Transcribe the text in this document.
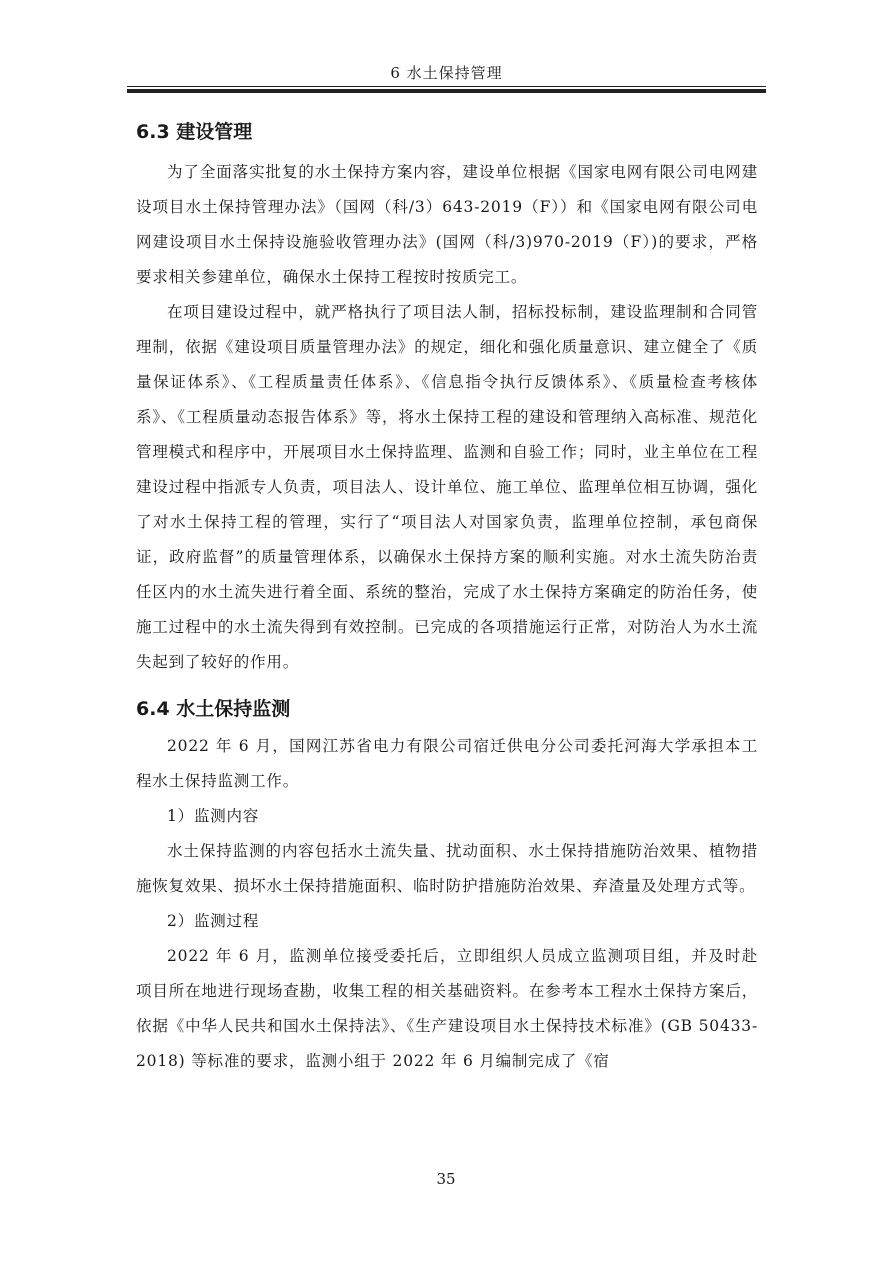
6 水土保持管理
6.3 建设管理

为了全面落实批复的水土保持方案内容，建设单位根据《国家电网有限公司电网建设项目水土保持管理办法》（国网（科/3）643-2019（F））和《国家电网有限公司电网建设项目水土保持设施验收管理办法》(国网（科/3)970-2019（F）)的要求，严格要求相关参建单位，确保水土保持工程按时按质完工。

在项目建设过程中，就严格执行了项目法人制，招标投标制，建设监理制和合同管理制，依据《建设项目质量管理办法》的规定，细化和强化质量意识、建立健全了《质量保证体系》、《工程质量责任体系》、《信息指令执行反馈体系》、《质量检查考核体系》、《工程质量动态报告体系》等，将水土保持工程的建设和管理纳入高标准、规范化管理模式和程序中，开展项目水土保持监理、监测和自验工作；同时，业主单位在工程建设过程中指派专人负责，项目法人、设计单位、施工单位、监理单位相互协调，强化了对水土保持工程的管理，实行了“项目法人对国家负责，监理单位控制，承包商保证，政府监督”的质量管理体系，以确保水土保持方案的顺利实施。对水土流失防治责任区内的水土流失进行着全面、系统的整治，完成了水土保持方案确定的防治任务，使施工过程中的水土流失得到有效控制。已完成的各项措施运行正常，对防治人为水土流失起到了较好的作用。

6.4 水土保持监测

2022 年 6 月，国网江苏省电力有限公司宿迁供电分公司委托河海大学承担本工程水土保持监测工作。

1）监测内容

水土保持监测的内容包括水土流失量、扰动面积、水土保持措施防治效果、植物措施恢复效果、损坏水土保持措施面积、临时防护措施防治效果、弃渣量及处理方式等。

2）监测过程

2022 年 6 月，监测单位接受委托后，立即组织人员成立监测项目组，并及时赴项目所在地进行现场查勘，收集工程的相关基础资料。在参考本工程水土保持方案后，依据《中华人民共和国水土保持法》、《生产建设项目水土保持技术标准》(GB 50433-2018) 等标准的要求，监测小组于 2022 年 6 月编制完成了《宿

35
